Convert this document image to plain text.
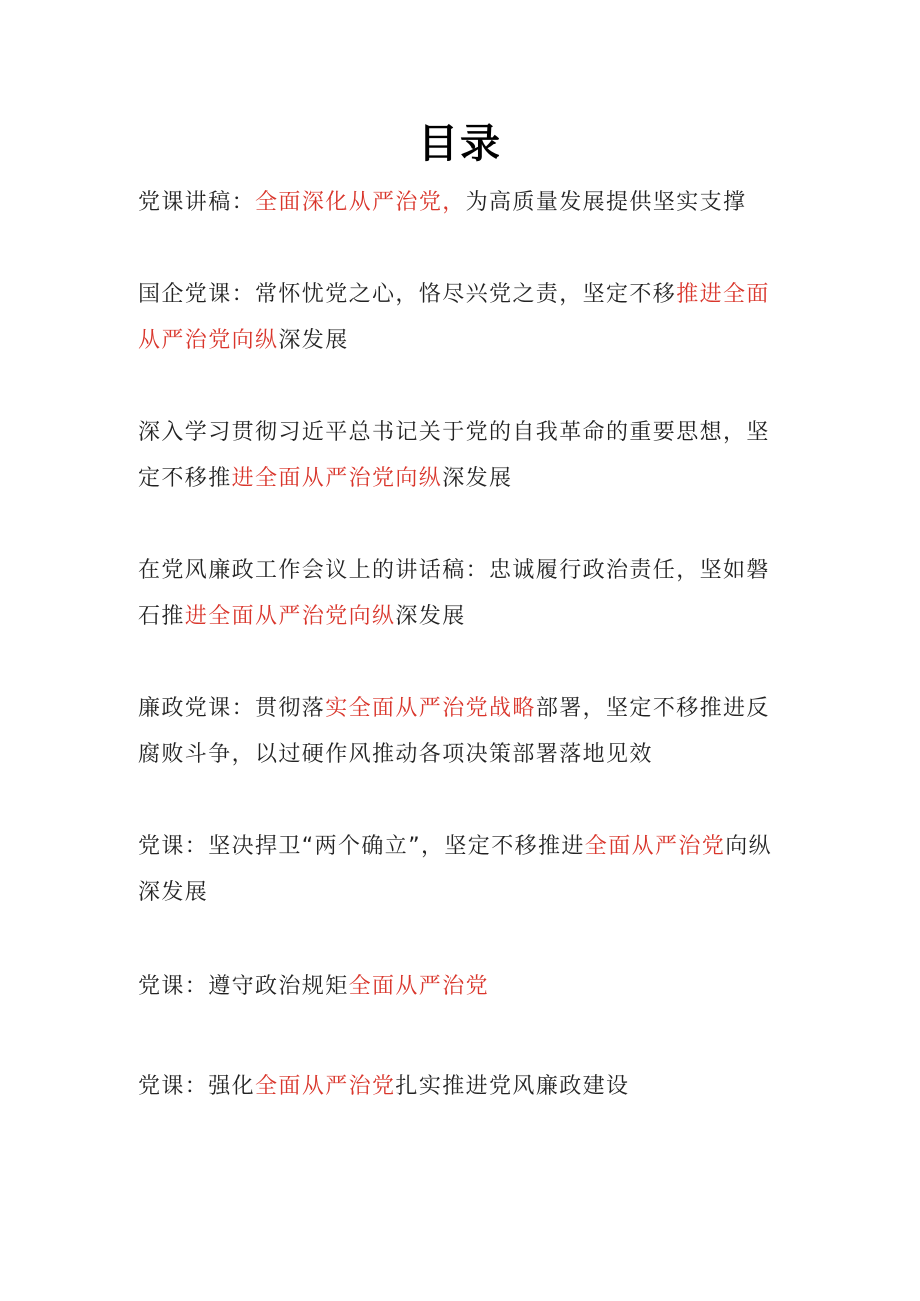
目录
党课讲稿：全面深化从严治党，为高质量发展提供坚实支撑
国企党课：常怀忧党之心，恪尽兴党之责，坚定不移推进全面从严治党向纵深发展
深入学习贯彻习近平总书记关于党的自我革命的重要思想，坚定不移推进全面从严治党向纵深发展
在党风廉政工作会议上的讲话稿：忠诚履行政治责任，坚如磐石推进全面从严治党向纵深发展
廉政党课：贯彻落实全面从严治党战略部署，坚定不移推进反腐败斗争，以过硬作风推动各项决策部署落地见效
党课：坚决捍卫“两个确立”，坚定不移推进全面从严治党向纵深发展
党课：遵守政治规矩全面从严治党
党课：强化全面从严治党扎实推进党风廉政建设
